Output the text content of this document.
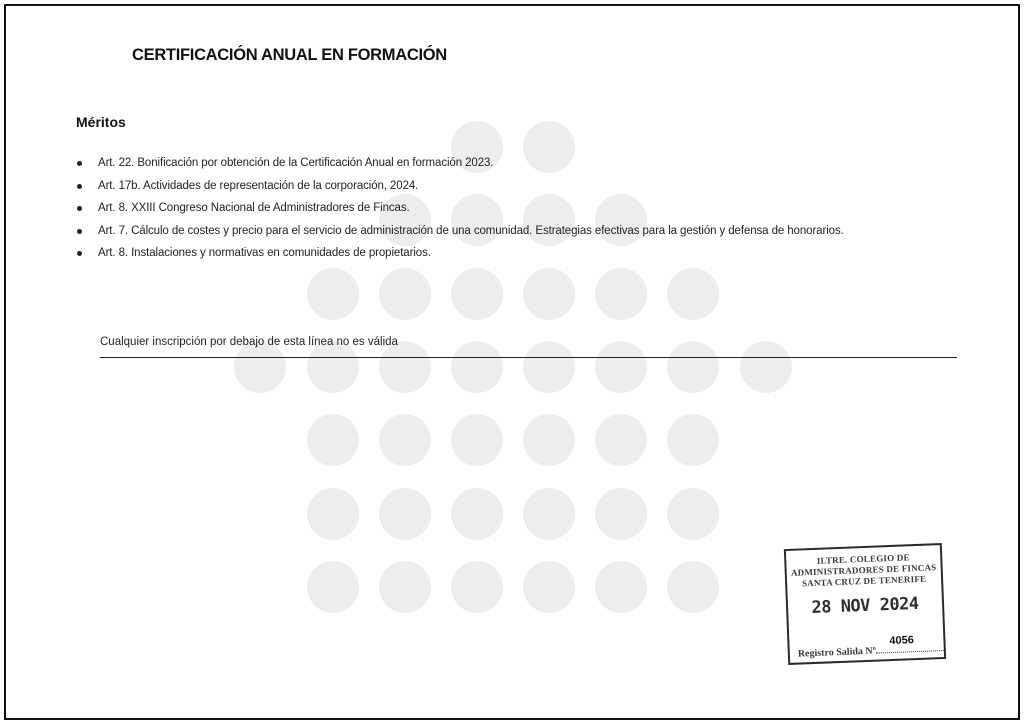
CERTIFICACIÓN ANUAL EN FORMACIÓN
Méritos
Art. 22. Bonificación por obtención de la Certificación Anual en formación 2023.
Art. 17b. Actividades de representación de la corporación, 2024.
Art. 8. XXIII Congreso Nacional de Administradores de Fincas.
Art. 7. Cálculo de costes y precio para el servicio de administración de una comunidad. Estrategias efectivas para la gestión y defensa de honorarios.
Art. 8. Instalaciones y normativas en comunidades de propietarios.
Cualquier inscripción por debajo de esta línea no es válida
ILTRE. COLEGIO DE
ADMINISTRADORES DE FINCAS
SANTA CRUZ DE TENERIFE
28 NOV 2024
Registro Salida Nº
4056
